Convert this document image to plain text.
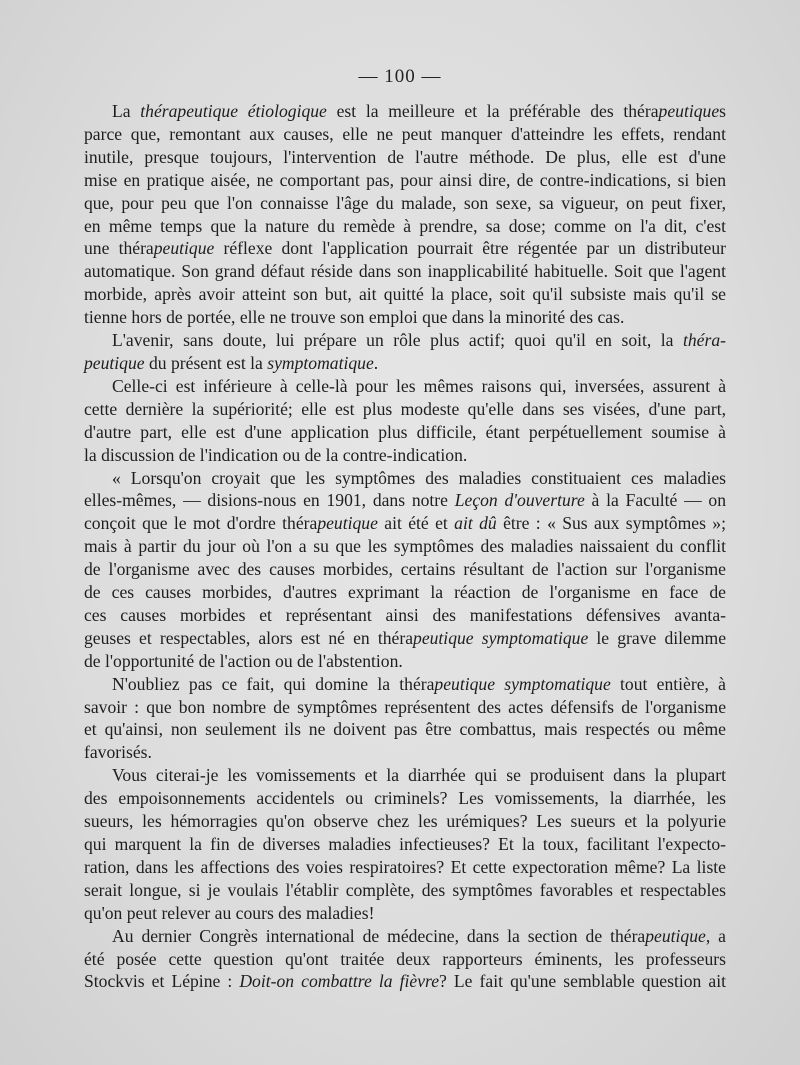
— 100 —
La thérapeutique étiologique est la meilleure et la préférable des thérapeutiques
parce que, remontant aux causes, elle ne peut manquer d'atteindre les effets, rendant
inutile, presque toujours, l'intervention de l'autre méthode. De plus, elle est d'une
mise en pratique aisée, ne comportant pas, pour ainsi dire, de contre-indications, si bien
que, pour peu que l'on connaisse l'âge du malade, son sexe, sa vigueur, on peut fixer,
en même temps que la nature du remède à prendre, sa dose; comme on l'a dit, c'est
une thérapeutique réflexe dont l'application pourrait être régentée par un distributeur
automatique. Son grand défaut réside dans son inapplicabilité habituelle. Soit que l'agent
morbide, après avoir atteint son but, ait quitté la place, soit qu'il subsiste mais qu'il se
tienne hors de portée, elle ne trouve son emploi que dans la minorité des cas.
L'avenir, sans doute, lui prépare un rôle plus actif; quoi qu'il en soit, la théra-
peutique du présent est la symptomatique.
Celle-ci est inférieure à celle-là pour les mêmes raisons qui, inversées, assurent à
cette dernière la supériorité; elle est plus modeste qu'elle dans ses visées, d'une part,
d'autre part, elle est d'une application plus difficile, étant perpétuellement soumise à
la discussion de l'indication ou de la contre-indication.
« Lorsqu'on croyait que les symptômes des maladies constituaient ces maladies
elles-mêmes, — disions-nous en 1901, dans notre Leçon d'ouverture à la Faculté — on
conçoit que le mot d'ordre thérapeutique ait été et ait dû être : « Sus aux symptômes »;
mais à partir du jour où l'on a su que les symptômes des maladies naissaient du conflit
de l'organisme avec des causes morbides, certains résultant de l'action sur l'organisme
de ces causes morbides, d'autres exprimant la réaction de l'organisme en face de
ces causes morbides et représentant ainsi des manifestations défensives avanta-
geuses et respectables, alors est né en thérapeutique symptomatique le grave dilemme
de l'opportunité de l'action ou de l'abstention.
N'oubliez pas ce fait, qui domine la thérapeutique symptomatique tout entière, à
savoir : que bon nombre de symptômes représentent des actes défensifs de l'organisme
et qu'ainsi, non seulement ils ne doivent pas être combattus, mais respectés ou même
favorisés.
Vous citerai-je les vomissements et la diarrhée qui se produisent dans la plupart
des empoisonnements accidentels ou criminels? Les vomissements, la diarrhée, les
sueurs, les hémorragies qu'on observe chez les urémiques? Les sueurs et la polyurie
qui marquent la fin de diverses maladies infectieuses? Et la toux, facilitant l'expecto-
ration, dans les affections des voies respiratoires? Et cette expectoration même? La liste
serait longue, si je voulais l'établir complète, des symptômes favorables et respectables
qu'on peut relever au cours des maladies!
Au dernier Congrès international de médecine, dans la section de thérapeutique, a
été posée cette question qu'ont traitée deux rapporteurs éminents, les professeurs
Stockvis et Lépine : Doit-on combattre la fièvre? Le fait qu'une semblable question ait
